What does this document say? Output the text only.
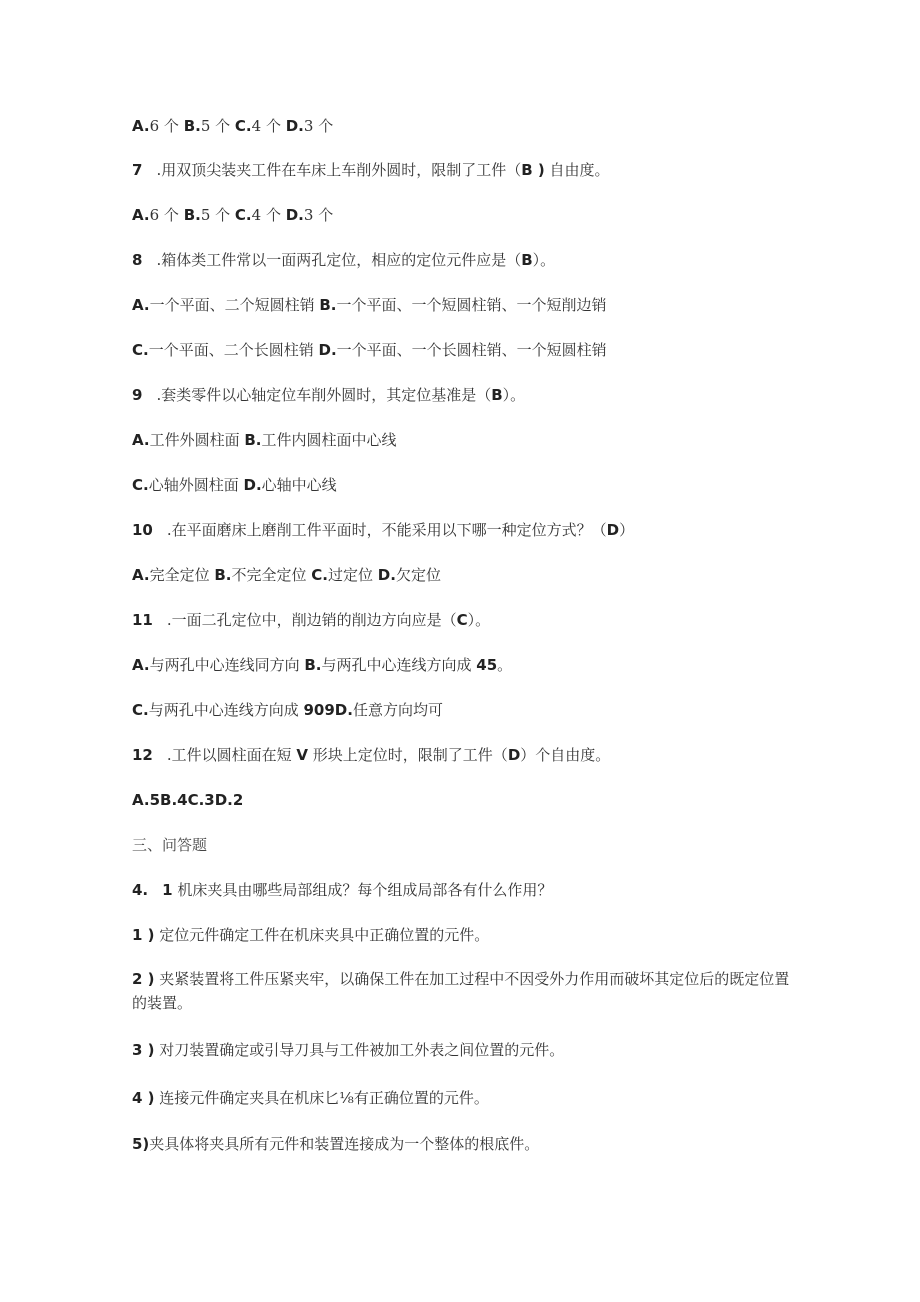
A.6 个 B.5 个 C.4 个 D.3 个
7 .用双顶尖装夹工件在车床上车削外圆时，限制了工件（B ) 自由度。
A.6 个 B.5 个 C.4 个 D.3 个
8 .箱体类工件常以一面两孔定位，相应的定位元件应是（B）。
A.一个平面、二个短圆柱销 B.一个平面、一个短圆柱销、一个短削边销
C.一个平面、二个长圆柱销 D.一个平面、一个长圆柱销、一个短圆柱销
9 .套类零件以心轴定位车削外圆时，其定位基准是（B）。
A.工件外圆柱面 B.工件内圆柱面中心线
C.心轴外圆柱面 D.心轴中心线
10 .在平面磨床上磨削工件平面时，不能采用以下哪一种定位方式？（D）
A.完全定位 B.不完全定位 C.过定位 D.欠定位
11 .一面二孔定位中，削边销的削边方向应是（C）。
A.与两孔中心连线同方向 B.与两孔中心连线方向成 45。
C.与两孔中心连线方向成 909D.任意方向均可
12 .工件以圆柱面在短 V 形块上定位时，限制了工件（D）个自由度。
A.5B.4C.3D.2
三、问答题
4. 1 机床夹具由哪些局部组成？每个组成局部各有什么作用？
1 ) 定位元件确定工件在机床夹具中正确位置的元件。
2 ) 夹紧装置将工件压紧夹牢，以确保工件在加工过程中不因受外力作用而破坏其定位后的既定位置的装置。
3 ) 对刀装置确定或引导刀具与工件被加工外表之间位置的元件。
4 ) 连接元件确定夹具在机床匕⅛有正确位置的元件。
5)夹具体将夹具所有元件和装置连接成为一个整体的根底件。
